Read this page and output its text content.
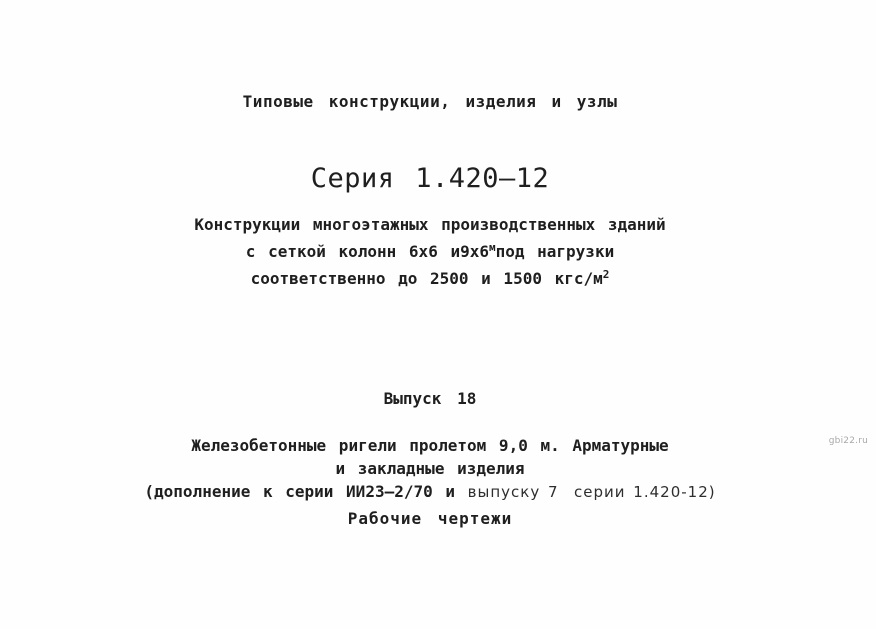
Типовые конструкции, изделия и узлы
Серия 1.420—12
Конструкции многоэтажных производственных зданий
с сеткой колонн 6х6 $и9х6^мпод$ нагрузки
соответственно до 2500 и 1500 кгс/$м^2$
Выпуск 18
Железобетонные ригели пролетом 9,0 м. Арматурные
и закладные изделия
(дополнение к серии ИИ23—2/70 и выпуску 7  серии 1.420-12)
Рабочие чертежи
gbi22.ru
